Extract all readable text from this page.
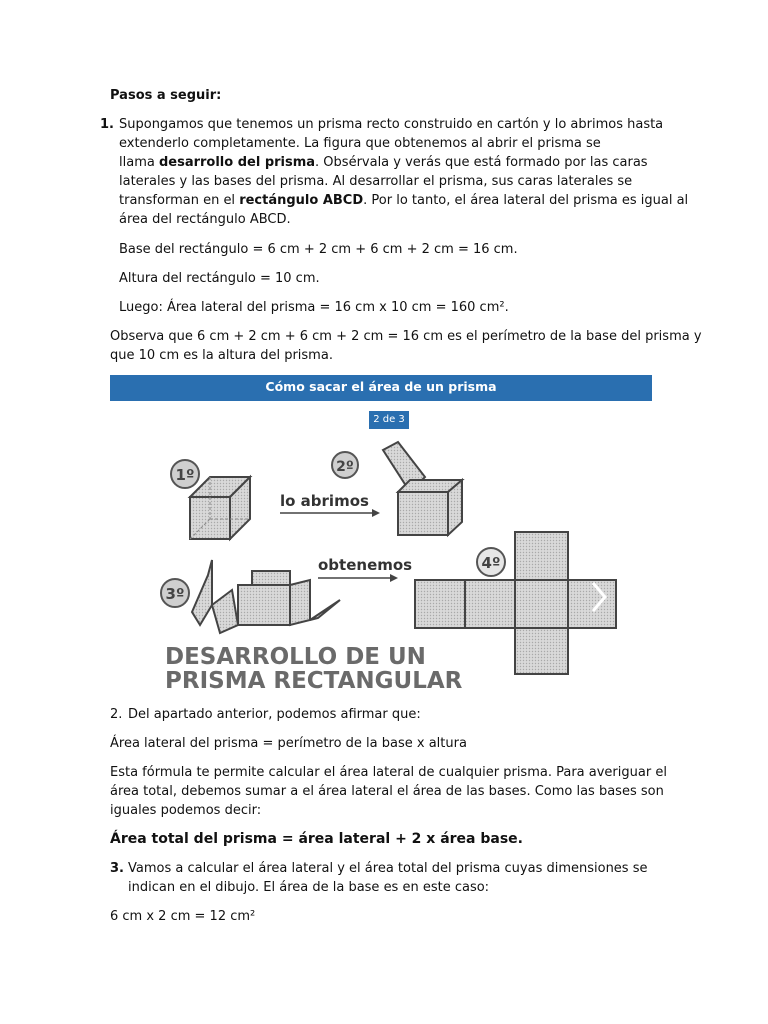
Pasos a seguir:
1. Supongamos que tenemos un prisma recto construido en cartón y lo abrimos hasta
extenderlo completamente. La figura que obtenemos al abrir el prisma se
llama desarrollo del prisma. Obsérvala y verás que está formado por las caras
laterales y las bases del prisma. Al desarrollar el prisma, sus caras laterales se
transforman en el rectángulo ABCD. Por lo tanto, el área lateral del prisma es igual al
área del rectángulo ABCD.
Base del rectángulo = 6 cm + 2 cm + 6 cm + 2 cm = 16 cm.
Altura del rectángulo = 10 cm.
Luego: Área lateral del prisma = 16 cm x 10 cm = 160 cm².
Observa que 6 cm + 2 cm + 6 cm + 2 cm = 16 cm es el perímetro de la base del prisma y
que 10 cm es la altura del prisma.
Cómo sacar el área de un prisma
2 de 3
1º
lo abrimos
2º
obtenemos
3º
4º
DESARROLLO DE UN
PRISMA RECTANGULAR
2. Del apartado anterior, podemos afirmar que:
Área lateral del prisma = perímetro de la base x altura
Esta fórmula te permite calcular el área lateral de cualquier prisma. Para averiguar el
área total, debemos sumar a el área lateral el área de las bases. Como las bases son
iguales podemos decir:
Área total del prisma = área lateral + 2 x área base.
3. Vamos a calcular el área lateral y el área total del prisma cuyas dimensiones se
indican en el dibujo. El área de la base es en este caso:
6 cm x 2 cm = 12 cm²
